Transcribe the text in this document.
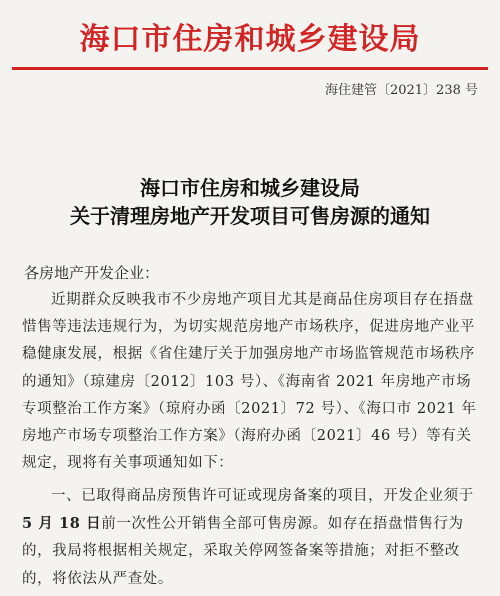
海口市住房和城乡建设局
海住建管〔2021〕238 号
海口市住房和城乡建设局
关于清理房地产开发项目可售房源的通知
各房地产开发企业：
近期群众反映我市不少房地产项目尤其是商品住房项目存在捂盘惜售等违法违规行为，为切实规范房地产市场秩序，促进房地产业平稳健康发展，根据《省住建厅关于加强房地产市场监管规范市场秩序的通知》（琼建房〔2012〕103 号）、《海南省 2021 年房地产市场专项整治工作方案》（琼府办函〔2021〕72 号）、《海口市 2021 年房地产市场专项整治工作方案》（海府办函〔2021〕46 号）等有关规定，现将有关事项通知如下：
一、已取得商品房预售许可证或现房备案的项目，开发企业须于5 月 18 日前一次性公开销售全部可售房源。如存在捂盘惜售行为的，我局将根据相关规定，采取关停网签备案等措施；对拒不整改的，将依法从严查处。
